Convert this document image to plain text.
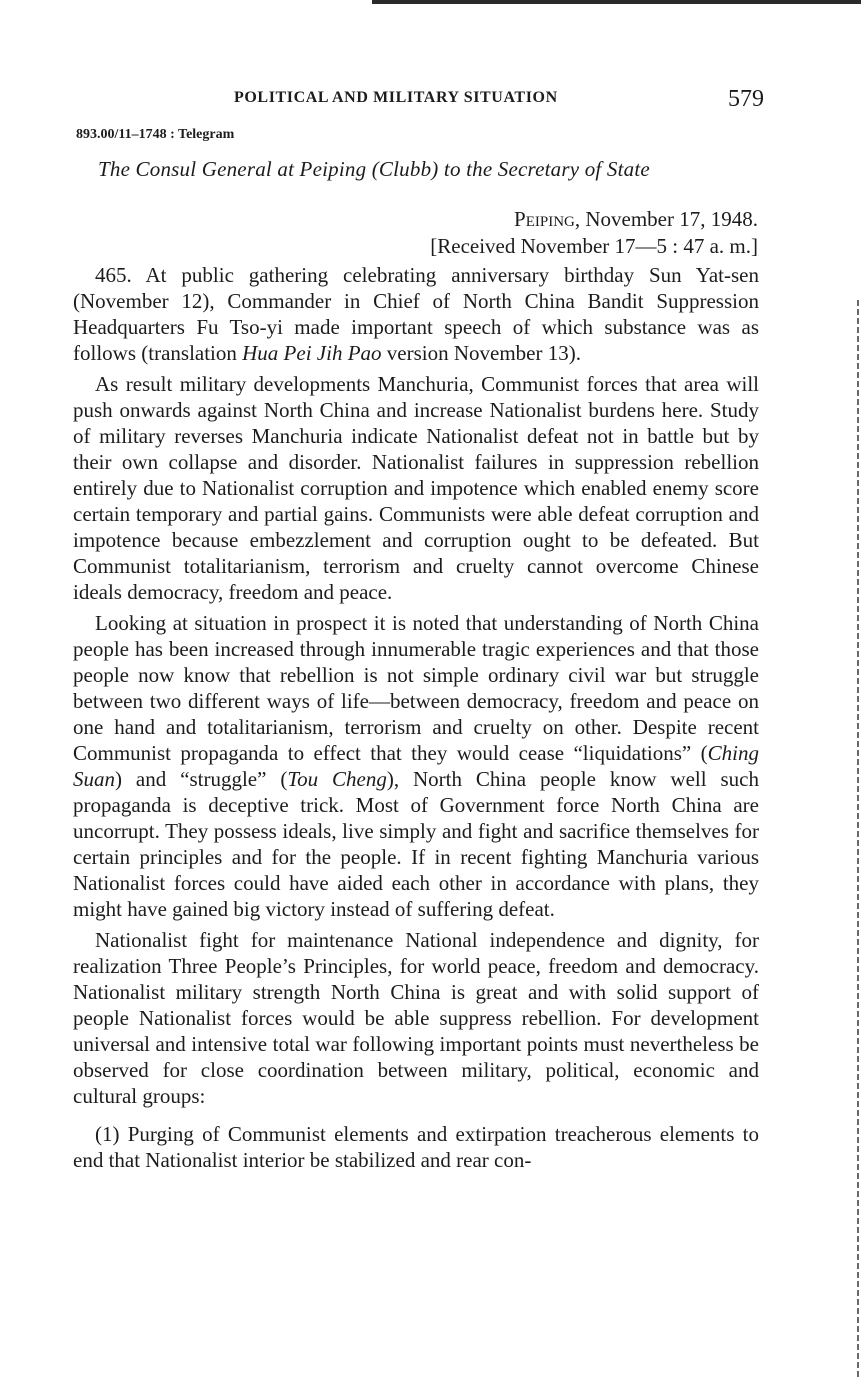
POLITICAL AND MILITARY SITUATION	579
893.00/11–1748 : Telegram
The Consul General at Peiping (Clubb) to the Secretary of State
Peiping, November 17, 1948.
[Received November 17—5 : 47 a. m.]

465. At public gathering celebrating anniversary birthday Sun Yat-sen (November 12), Commander in Chief of North China Bandit Suppression Headquarters Fu Tso-yi made important speech of which substance was as follows (translation Hua Pei Jih Pao version November 13).

As result military developments Manchuria, Communist forces that area will push onwards against North China and increase Nationalist burdens here. Study of military reverses Manchuria indicate Nationalist defeat not in battle but by their own collapse and disorder. Nationalist failures in suppression rebellion entirely due to Nationalist corruption and impotence which enabled enemy score certain temporary and partial gains. Communists were able defeat corruption and impotence because embezzlement and corruption ought to be defeated. But Communist totalitarianism, terrorism and cruelty cannot overcome Chinese ideals democracy, freedom and peace.

Looking at situation in prospect it is noted that understanding of North China people has been increased through innumerable tragic experiences and that those people now know that rebellion is not simple ordinary civil war but struggle between two different ways of life—between democracy, freedom and peace on one hand and totalitarianism, terrorism and cruelty on other. Despite recent Communist propaganda to effect that they would cease “liquidations” (Ching Suan) and “struggle” (Tou Cheng), North China people know well such propaganda is deceptive trick. Most of Government force North China are uncorrupt. They possess ideals, live simply and fight and sacrifice themselves for certain principles and for the people. If in recent fighting Manchuria various Nationalist forces could have aided each other in accordance with plans, they might have gained big victory instead of suffering defeat.

Nationalist fight for maintenance National independence and dignity, for realization Three People’s Principles, for world peace, freedom and democracy. Nationalist military strength North China is great and with solid support of people Nationalist forces would be able suppress rebellion. For development universal and intensive total war following important points must nevertheless be observed for close coordination between military, political, economic and cultural groups:

(1) Purging of Communist elements and extirpation treacherous elements to end that Nationalist interior be stabilized and rear con-
